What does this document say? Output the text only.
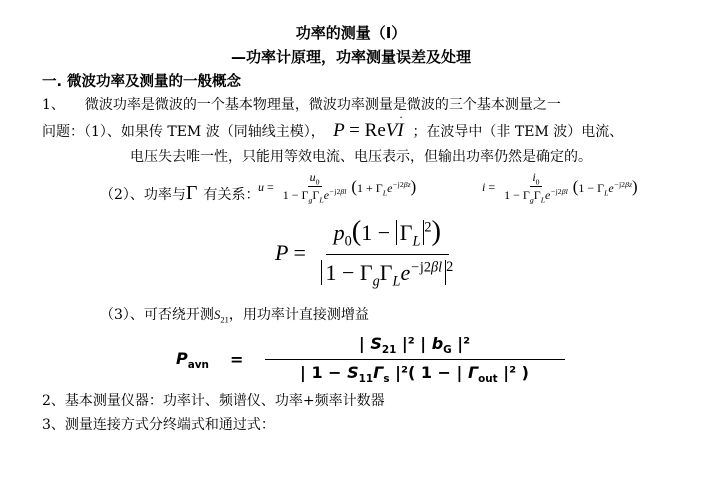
功率的测量（Ⅰ）
—功率计原理，功率测量误差及处理
一. 微波功率及测量的一般概念
1、 微波功率是微波的一个基本物理量，微波功率测量是微波的三个基本测量之一
问题：（1）、如果传 TEM 波（同轴线主模）， P = ReVI
·
；在波导中（非 TEM 波）电流、
电压失去唯一性，只能用等效电流、电压表示，但输出功率仍然是确定的。
（2）、功率与Γ 有关系：
$u = \frac{u_0}{1 - \Gamma_g\Gamma_Le^{-j2\beta l}} (1 + \Gamma_Le^{-j2\beta z})$	$i = \frac{i_0}{1 - \Gamma_g\Gamma_Le^{-j2\beta l}} (1 - \Gamma_Le^{-j2\beta z})$
$P = \frac{p_0(1 - \Gamma_L^2)}{1 - \Gamma_g\Gamma_Le^{-j2\beta l} ^2}$
（3）、可否绕开测$S_{21}$，用功率计直接测增益
$P_{avn} = \frac{| S_{21} |^2 | b_G |^2}{| 1 - S_{11}\Gamma_s |^2( 1 - | \Gamma_{out} |^2 )}$
2、基本测量仪器：功率计、频谱仪、功率+频率计数器
3、测量连接方式分终端式和通过式：
